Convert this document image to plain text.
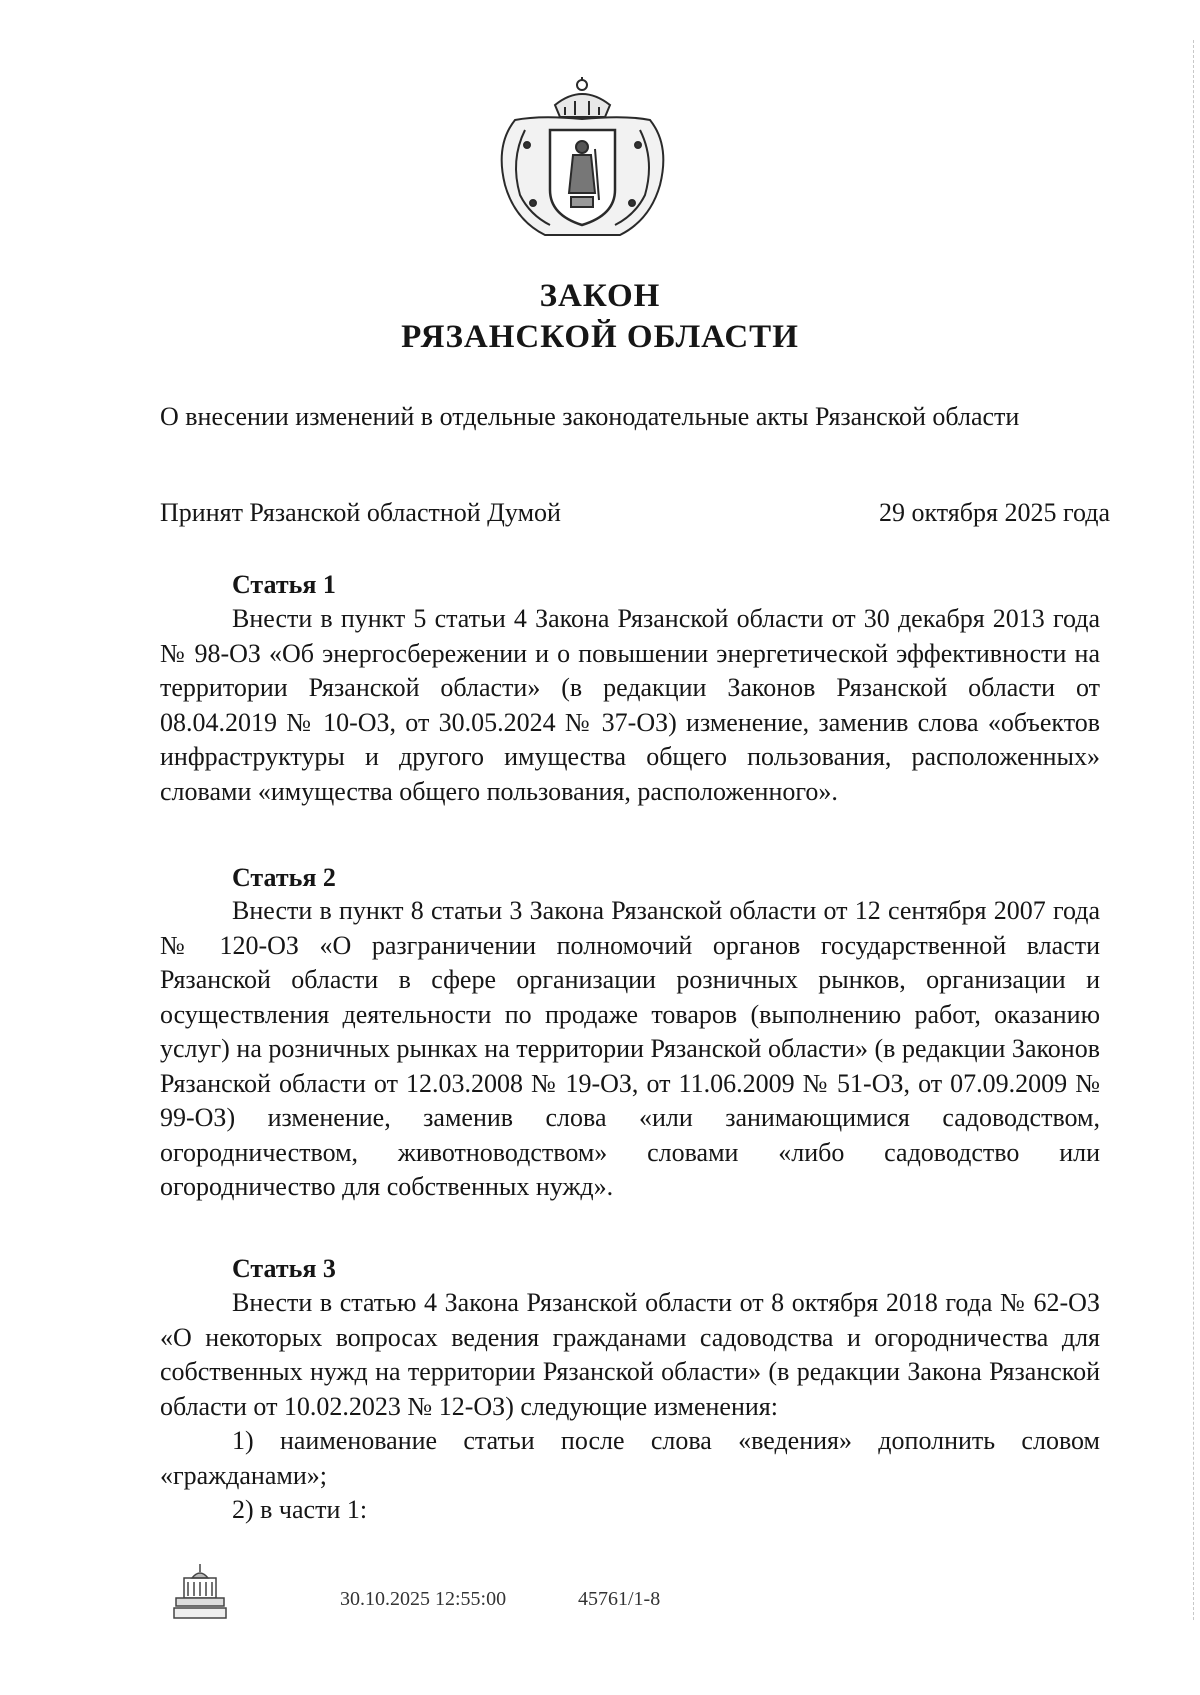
ЗАКОН
РЯЗАНСКОЙ ОБЛАСТИ
О внесении изменений в отдельные законодательные акты Рязанской области
Принят Рязанской областной Думой	29 октября 2025 года
Статья 1

Внести в пункт 5 статьи 4 Закона Рязанской области от 30 декабря 2013 года № 98-ОЗ «Об энергосбережении и о повышении энергетической эффективности на территории Рязанской области» (в редакции Законов Рязанской области от 08.04.2019 № 10-ОЗ, от 30.05.2024 № 37-ОЗ) изменение, заменив слова «объектов инфраструктуры и другого имущества общего пользования, расположенных» словами «имущества общего пользования, расположенного».

Статья 2

Внести в пункт 8 статьи 3 Закона Рязанской области от 12 сентября 2007 года № 120-ОЗ «О разграничении полномочий органов государственной власти Рязанской области в сфере организации розничных рынков, организации и осуществления деятельности по продаже товаров (выполнению работ, оказанию услуг) на розничных рынках на территории Рязанской области» (в редакции Законов Рязанской области от 12.03.2008 № 19-ОЗ, от 11.06.2009 № 51-ОЗ, от 07.09.2009 № 99-ОЗ) изменение, заменив слова «или занимающимися садоводством, огородничеством, животноводством» словами «либо садоводство или огородничество для собственных нужд».

Статья 3

Внести в статью 4 Закона Рязанской области от 8 октября 2018 года № 62-ОЗ «О некоторых вопросах ведения гражданами садоводства и огородничества для собственных нужд на территории Рязанской области» (в редакции Закона Рязанской области от 10.02.2023 № 12-ОЗ) следующие изменения:

1) наименование статьи после слова «ведения» дополнить словом «гражданами»;

2) в части 1:

30.10.2025 12:55:00	45761/1-8
